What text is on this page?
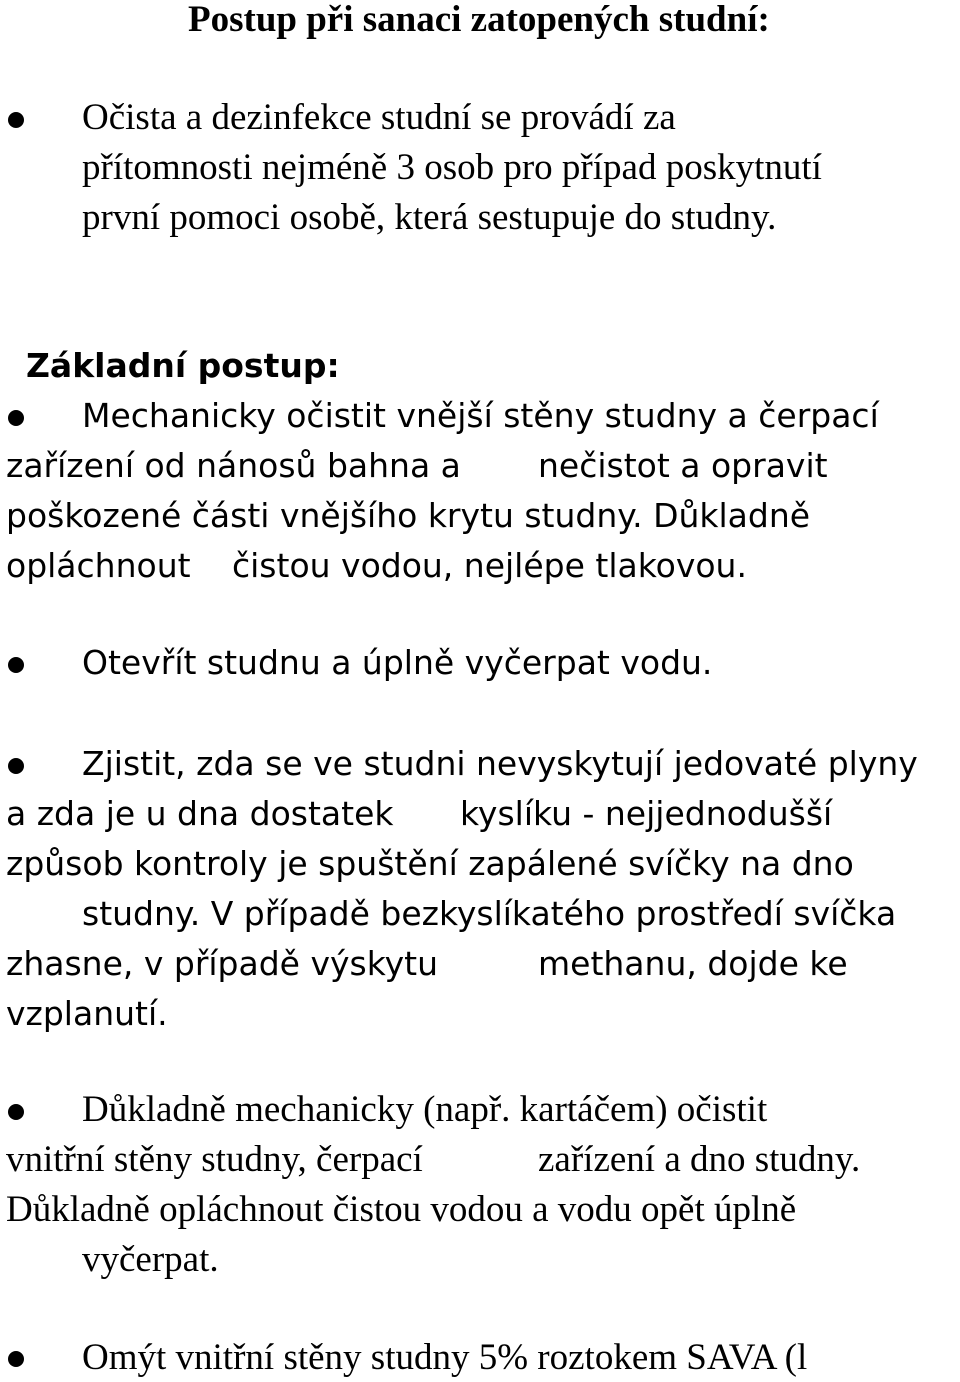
Postup při sanaci zatopených studní:
Očista a dezinfekce studní se provádí za
přítomnosti nejméně 3 osob pro případ poskytnutí
první pomoci osobě, která sestupuje do studny.
Základní postup:
Mechanicky očistit vnější stěny studny a čerpací
zařízení od nánosů bahna a nečistot a opravit
poškozené části vnějšího krytu studny. Důkladně
opláchnout čistou vodou, nejlépe tlakovou.
Otevřít studnu a úplně vyčerpat vodu.
Zjistit, zda se ve studni nevyskytují jedovaté plyny
a zda je u dna dostatek kyslíku - nejjednodušší
způsob kontroly je spuštění zapálené svíčky na dno
studny. V případě bezkyslíkatého prostředí svíčka
zhasne, v případě výskytu	methanu, dojde ke
vzplanutí.
Důkladně mechanicky (např. kartáčem) očistit
vnitřní stěny studny, čerpací	zařízení a dno studny.
Důkladně opláchnout čistou vodou a vodu opět úplně
vyčerpat.
Omýt vnitřní stěny studny 5% roztokem SAVA (l
